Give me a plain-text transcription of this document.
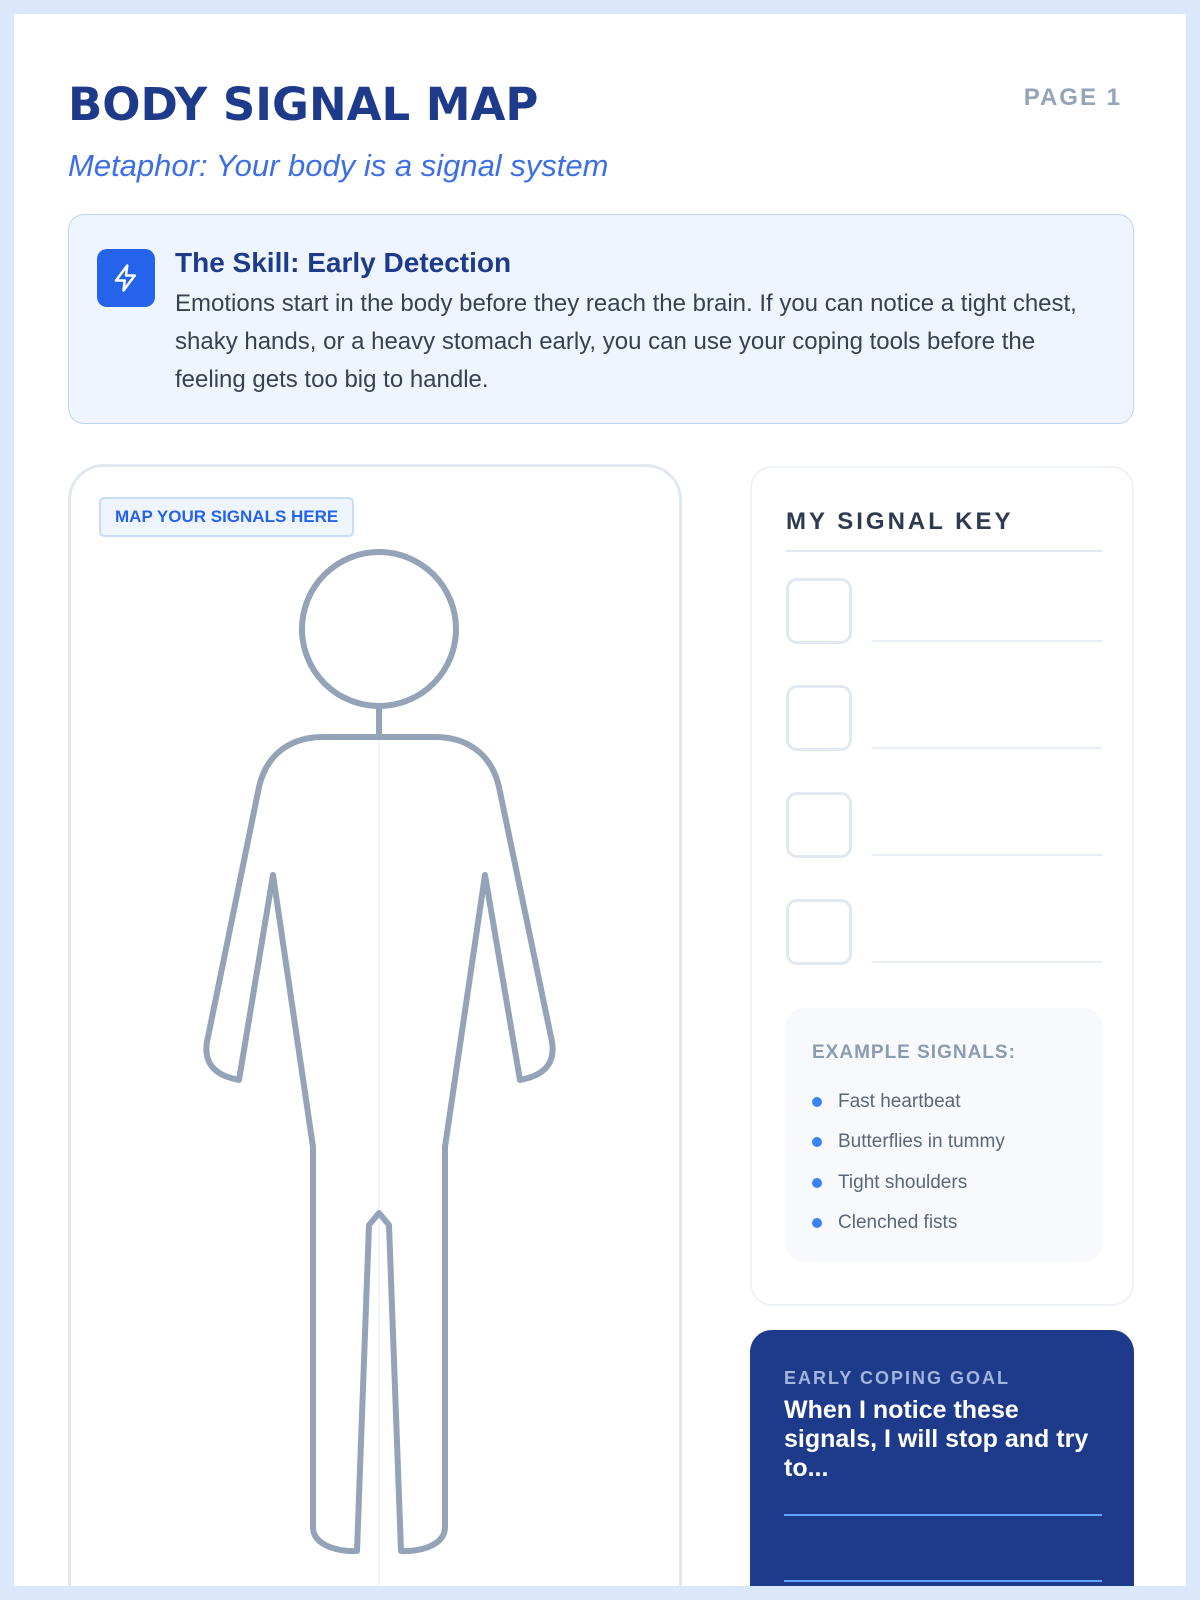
BODY SIGNAL MAP
Metaphor: Your body is a signal system
PAGE 1
The Skill: Early Detection
Emotions start in the body before they reach the brain. If you can notice a tight chest, shaky hands, or a heavy stomach early, you can use your coping tools before the feeling gets too big to handle.
MAP YOUR SIGNALS HERE	MY SIGNAL KEY
EXAMPLE SIGNALS:
Fast heartbeat
Butterflies in tummy
Tight shoulders
Clenched fists
EARLY COPING GOAL
When I notice these signals, I will stop and try to...
